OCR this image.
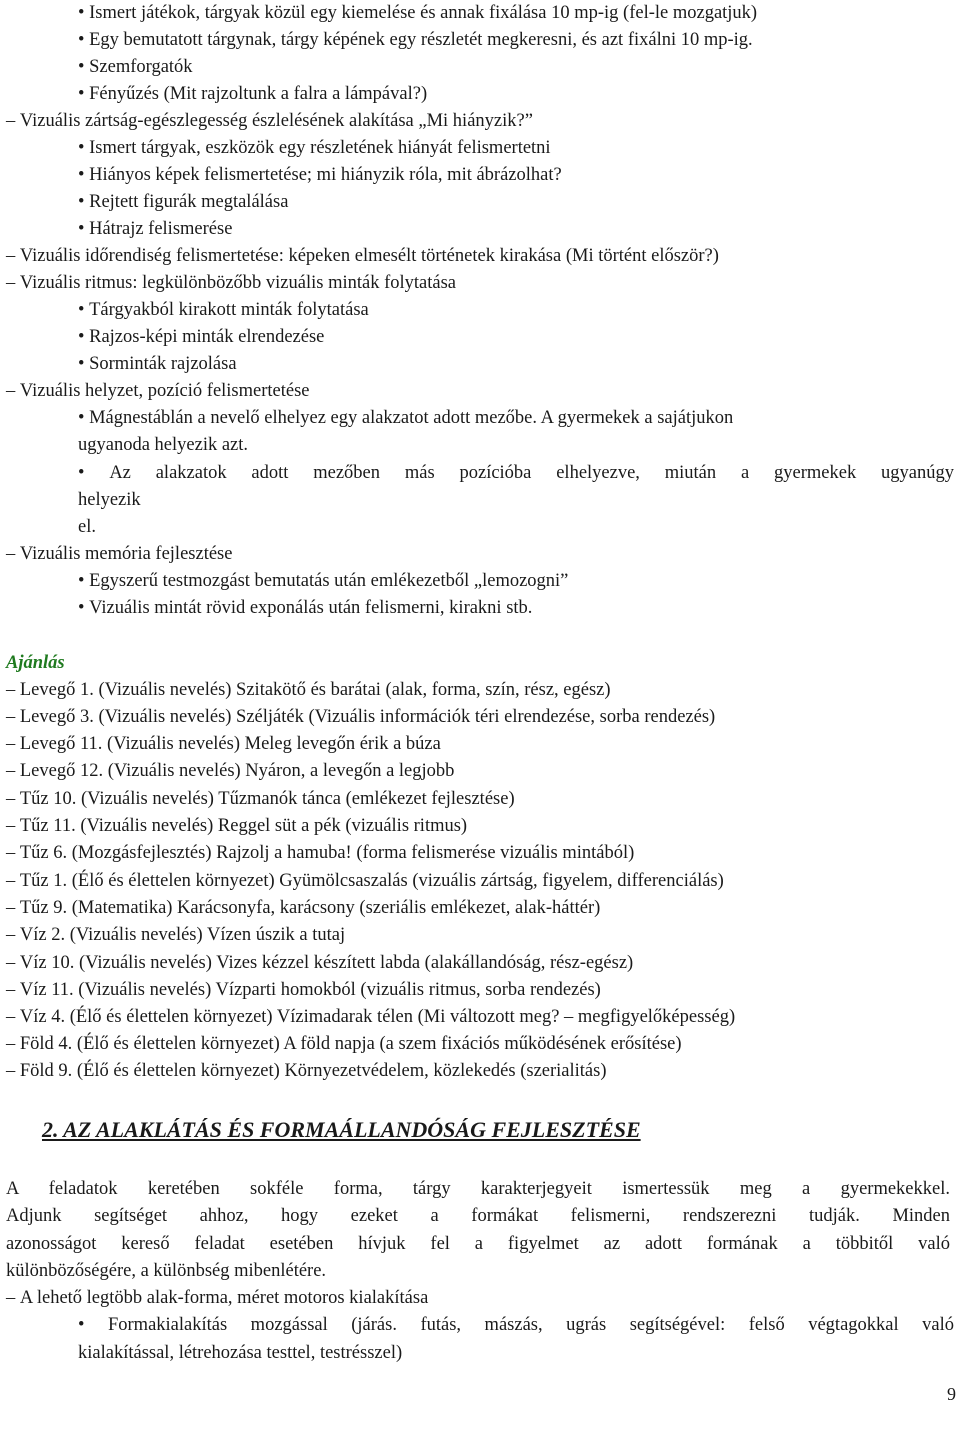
• Ismert játékok, tárgyak közül egy kiemelése és annak fixálása 10 mp-ig (fel-le mozgatjuk)
• Egy bemutatott tárgynak, tárgy képének egy részletét megkeresni, és azt fixálni 10 mp-ig.
• Szemforgatók
• Fényűzés (Mit rajzoltunk a falra a lámpával?)
– Vizuális zártság-egészlegesség észlelésének alakítása „Mi hiányzik?”
• Ismert tárgyak, eszközök egy részletének hiányát felismertetni
• Hiányos képek felismertetése; mi hiányzik róla, mit ábrázolhat?
• Rejtett figurák megtalálása
• Hátrajz felismerése
– Vizuális időrendiség felismertetése: képeken elmesélt történetek kirakása (Mi történt először?)
– Vizuális ritmus: legkülönbözőbb vizuális minták folytatása
• Tárgyakból kirakott minták folytatása
• Rajzos-képi minták elrendezése
• Sorminták rajzolása
– Vizuális helyzet, pozíció felismertetése
• Mágnestáblán a nevelő elhelyez egy alakzatot adott mezőbe. A gyermekek a sajátjukon
ugyanoda helyezik azt.
• Az alakzatok adott mezőben más pozícióba elhelyezve, miután a gyermekek ugyanúgy
helyezik
el.
– Vizuális memória fejlesztése
• Egyszerű testmozgást bemutatás után emlékezetből „lemozogni”
• Vizuális mintát rövid exponálás után felismerni, kirakni stb.
Ajánlás
– Levegő 1. (Vizuális nevelés) Szitakötő és barátai (alak, forma, szín, rész, egész)
– Levegő 3. (Vizuális nevelés) Széljáték (Vizuális információk téri elrendezése, sorba rendezés)
– Levegő 11. (Vizuális nevelés) Meleg levegőn érik a búza
– Levegő 12. (Vizuális nevelés) Nyáron, a levegőn a legjobb
– Tűz 10. (Vizuális nevelés) Tűzmanók tánca (emlékezet fejlesztése)
– Tűz 11. (Vizuális nevelés) Reggel süt a pék (vizuális ritmus)
– Tűz 6. (Mozgásfejlesztés) Rajzolj a hamuba! (forma felismerése vizuális mintából)
– Tűz 1. (Élő és élettelen környezet) Gyümölcsaszalás (vizuális zártság, figyelem, differenciálás)
– Tűz 9. (Matematika) Karácsonyfa, karácsony (szeriális emlékezet, alak-háttér)
– Víz 2. (Vizuális nevelés) Vízen úszik a tutaj
– Víz 10. (Vizuális nevelés) Vizes kézzel készített labda (alakállandóság, rész-egész)
– Víz 11. (Vizuális nevelés) Vízparti homokból (vizuális ritmus, sorba rendezés)
– Víz 4. (Élő és élettelen környezet) Vízimadarak télen (Mi változott meg? – megfigyelőképesség)
– Föld 4. (Élő és élettelen környezet) A föld napja (a szem fixációs működésének erősítése)
– Föld 9. (Élő és élettelen környezet) Környezetvédelem, közlekedés (szerialitás)
2. AZ ALAKLÁTÁS ÉS FORMAÁLLANDÓSÁG FEJLESZTÉSE
A feladatok keretében sokféle forma, tárgy karakterjegyeit ismertessük meg a gyermekekkel.
Adjunk segítséget ahhoz, hogy ezeket a formákat felismerni, rendszerezni tudják. Minden
azonosságot kereső feladat esetében hívjuk fel a figyelmet az adott formának a többitől való
különbözőségére, a különbség mibenlétére.
– A lehető legtöbb alak-forma, méret motoros kialakítása
• Formakialakítás mozgással (járás. futás, mászás, ugrás segítségével: felső végtagokkal való
kialakítással, létrehozása testtel, testrésszel)
9
